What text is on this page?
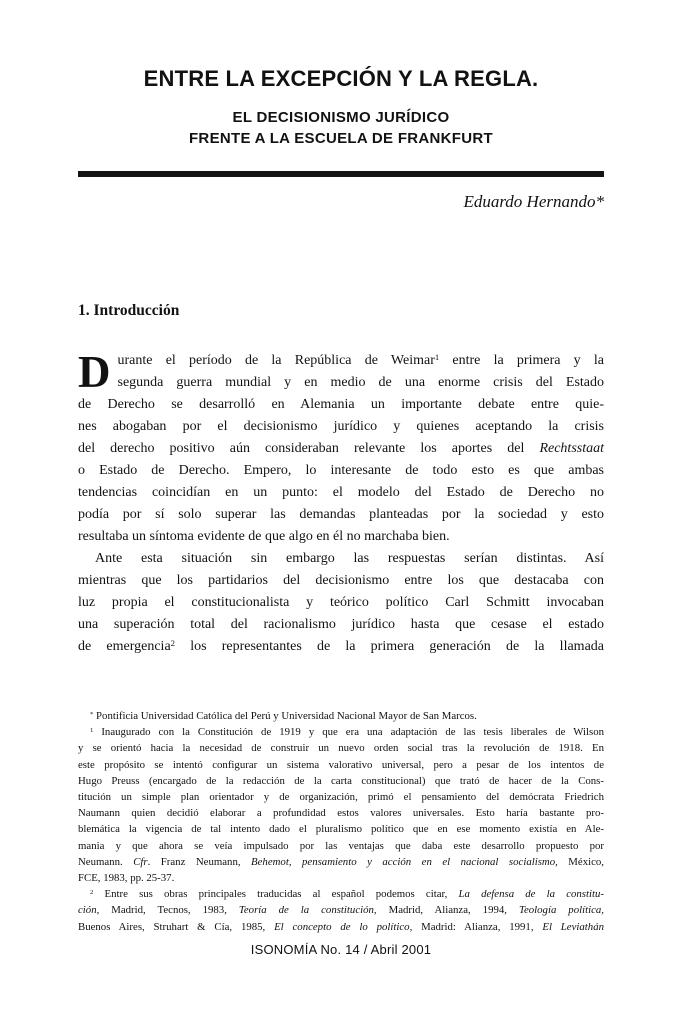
ENTRE LA EXCEPCIÓN Y LA REGLA.
EL DECISIONISMO JURÍDICO
FRENTE A LA ESCUELA DE FRANKFURT
Eduardo Hernando*
1. Introducción
D urante el período de la República de Weimar$^1$ entre la primera y la
segunda guerra mundial y en medio de una enorme crisis del Estado
de Derecho se desarrolló en Alemania un importante debate entre quie-
nes abogaban por el decisionismo jurídico y quienes aceptando la crisis
del derecho positivo aún consideraban relevante los aportes del Rechtsstaat
o Estado de Derecho. Empero, lo interesante de todo esto es que ambas
tendencias coincidían en un punto: el modelo del Estado de Derecho no
podía por sí solo superar las demandas planteadas por la sociedad y esto
resultaba un síntoma evidente de que algo en él no marchaba bien.
Ante esta situación sin embargo las respuestas serían distintas. Así
mientras que los partidarios del decisionismo entre los que destacaba con
luz propia el constitucionalista y teórico político Carl Schmitt invocaban
una superación total del racionalismo jurídico hasta que cesase el estado
de emergencia$^2$ los representantes de la primera generación de la llamada
* Pontificia Universidad Católica del Perú y Universidad Nacional Mayor de San Marcos.
$^1$ Inaugurado con la Constitución de 1919 y que era una adaptación de las tesis liberales de Wilson
y se orientó hacia la necesidad de construir un nuevo orden social tras la revolución de 1918. En
este propósito se intentó configurar un sistema valorativo universal, pero a pesar de los intentos de
Hugo Preuss (encargado de la redacción de la carta constitucional) que trató de hacer de la Cons-
titución un simple plan orientador y de organización, primó el pensamiento del demócrata Friedrich
Naumann quien decidió elaborar a profundidad estos valores universales. Esto haría bastante pro-
blemática la vigencia de tal intento dado el pluralismo político que en ese momento existía en Ale-
mania y que ahora se veía impulsado por las ventajas que daba este desarrollo propuesto por
Neumann. Cfr. Franz Neumann, Behemot, pensamiento y acción en el nacional socialismo, México,
FCE, 1983, pp. 25-37.
$^2$ Entre sus obras principales traducidas al español podemos citar, La defensa de la constitu-
ción, Madrid, Tecnos, 1983, Teoría de la constitución, Madrid, Alianza, 1994, Teología política,
Buenos Aires, Struhart & Cía, 1985, El concepto de lo político, Madrid: Alianza, 1991, El Leviathán
ISONOMÍA No. 14 / Abril 2001
